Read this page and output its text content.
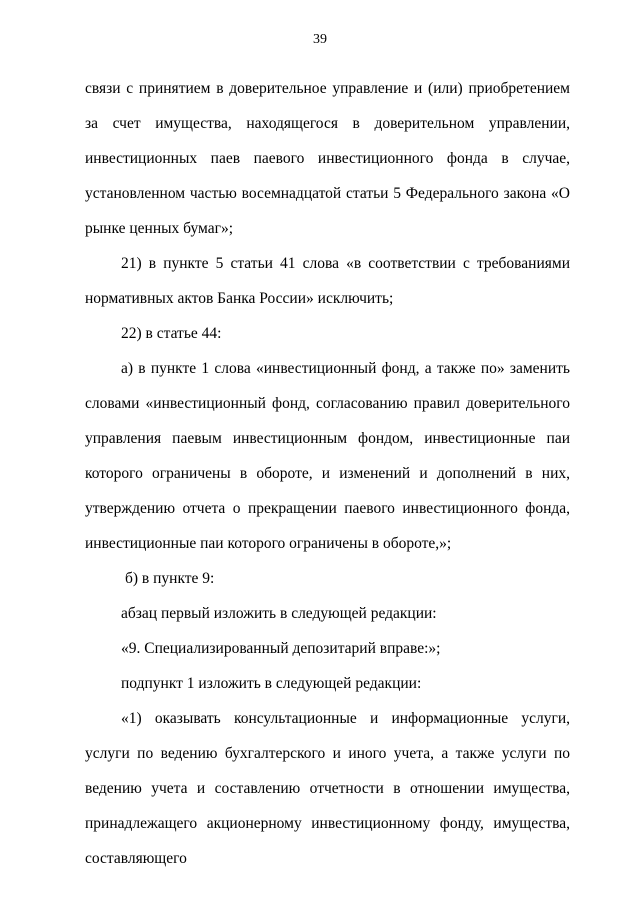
39

связи с принятием в доверительное управление и (или) приобретением за счет имущества, находящегося в доверительном управлении, инвестиционных паев паевого инвестиционного фонда в случае, установленном частью восемнадцатой статьи 5 Федерального закона «О рынке ценных бумаг»;

21) в пункте 5 статьи 41 слова «в соответствии с требованиями нормативных актов Банка России» исключить;

22) в статье 44:

а) в пункте 1 слова «инвестиционный фонд, а также по» заменить словами «инвестиционный фонд, согласованию правил доверительного управления паевым инвестиционным фондом, инвестиционные паи которого ограничены в обороте, и изменений и дополнений в них, утверждению отчета о прекращении паевого инвестиционного фонда, инвестиционные паи которого ограничены в обороте,»;

б) в пункте 9:

абзац первый изложить в следующей редакции:

«9. Специализированный депозитарий вправе:»;

подпункт 1 изложить в следующей редакции:

«1) оказывать консультационные и информационные услуги, услуги по ведению бухгалтерского и иного учета, а также услуги по ведению учета и составлению отчетности в отношении имущества, принадлежащего акционерному инвестиционному фонду, имущества, составляющего
